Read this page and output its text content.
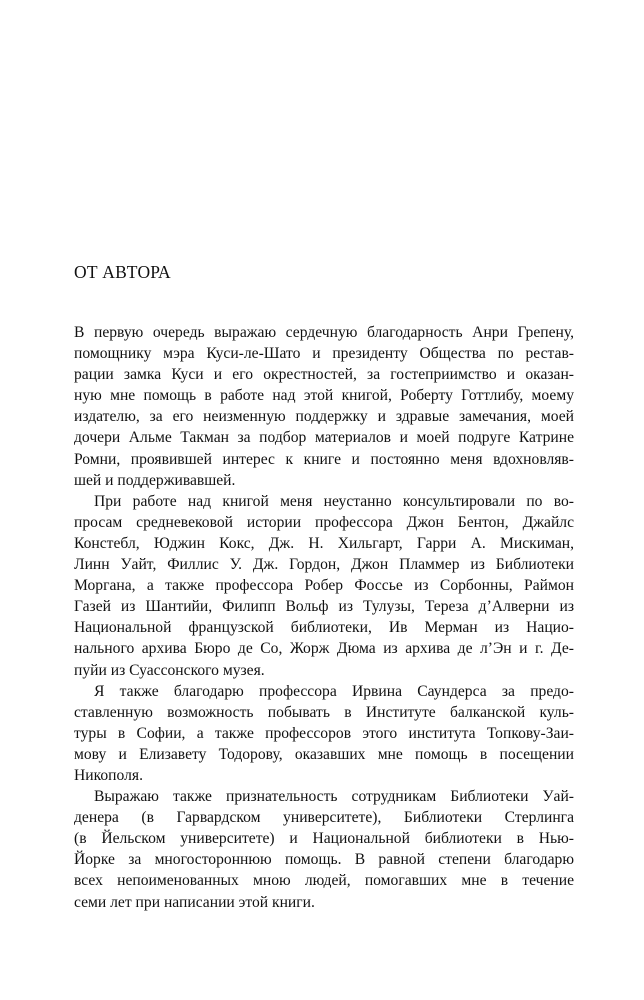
ОТ АВТОРА

В первую очередь выражаю сердечную благодарность Анри Грепену,
помощнику мэра Куси-ле-Шато и президенту Общества по рестав-
рации замка Куси и его окрестностей, за гостеприимство и оказан-
ную мне помощь в работе над этой книгой, Роберту Готтлибу, моему
издателю, за его неизменную поддержку и здравые замечания, моей
дочери Альме Такман за подбор материалов и моей подруге Катрине
Ромни, проявившей интерес к книге и постоянно меня вдохновляв-
шей и поддерживавшей.

При работе над книгой меня неустанно консультировали по во-
просам средневековой истории профессора Джон Бентон, Джайлс
Констебл, Юджин Кокс, Дж. Н. Хильгарт, Гарри А. Мискиман,
Линн Уайт, Филлис У. Дж. Гордон, Джон Пламмер из Библиотеки
Моргана, а также профессора Робер Фоссье из Сорбонны, Раймон
Газей из Шантийи, Филипп Вольф из Тулузы, Тереза д’Алверни из
Национальной французской библиотеки, Ив Мерман из Нацио-
нального архива Бюро де Со, Жорж Дюма из архива де л’Эн и г. Де-
пуйи из Суассонского музея.

Я также благодарю профессора Ирвина Саундерса за предо-
ставленную возможность побывать в Институте балканской куль-
туры в Софии, а также профессоров этого института Топкову-Заи-
мову и Елизавету Тодорову, оказавших мне помощь в посещении
Никополя.

Выражаю также признательность сотрудникам Библиотеки Уай-
денера (в Гарвардском университете), Библиотеки Стерлинга
(в Йельском университете) и Национальной библиотеки в Нью-
Йорке за многостороннюю помощь. В равной степени благодарю
всех непоименованных мною людей, помогавших мне в течение
семи лет при написании этой книги.
